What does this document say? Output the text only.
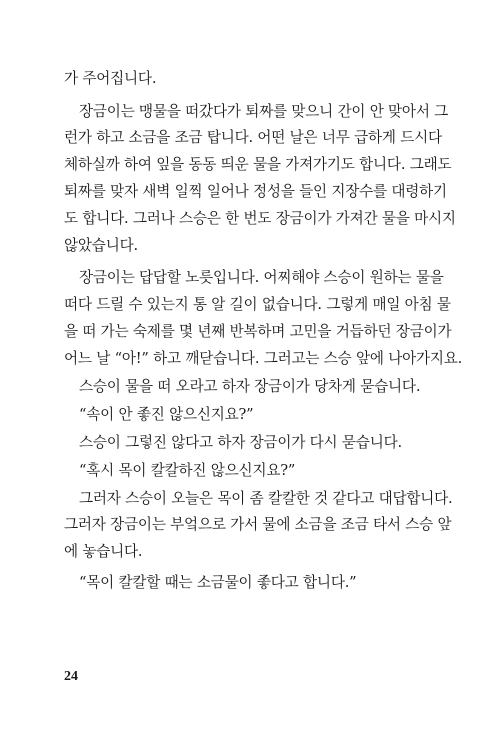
가 주어집니다.
장금이는 맹물을 떠갔다가 퇴짜를 맞으니 간이 안 맞아서 그
런가 하고 소금을 조금 탑니다. 어떤 날은 너무 급하게 드시다
체하실까 하여 잎을 동동 띄운 물을 가져가기도 합니다. 그래도
퇴짜를 맞자 새벽 일찍 일어나 정성을 들인 지장수를 대령하기
도 합니다. 그러나 스승은 한 번도 장금이가 가져간 물을 마시지
않았습니다.
장금이는 답답할 노릇입니다. 어찌해야 스승이 원하는 물을
떠다 드릴 수 있는지 통 알 길이 없습니다. 그렇게 매일 아침 물
을 떠 가는 숙제를 몇 년째 반복하며 고민을 거듭하던 장금이가
어느 날 “아!” 하고 깨닫습니다. 그러고는 스승 앞에 나아가지요.
스승이 물을 떠 오라고 하자 장금이가 당차게 묻습니다.
“속이 안 좋진 않으신지요?”
스승이 그렇진 않다고 하자 장금이가 다시 묻습니다.
“혹시 목이 칼칼하진 않으신지요?”
그러자 스승이 오늘은 목이 좀 칼칼한 것 같다고 대답합니다.
그러자 장금이는 부엌으로 가서 물에 소금을 조금 타서 스승 앞
에 놓습니다.
“목이 칼칼할 때는 소금물이 좋다고 합니다.”
24
